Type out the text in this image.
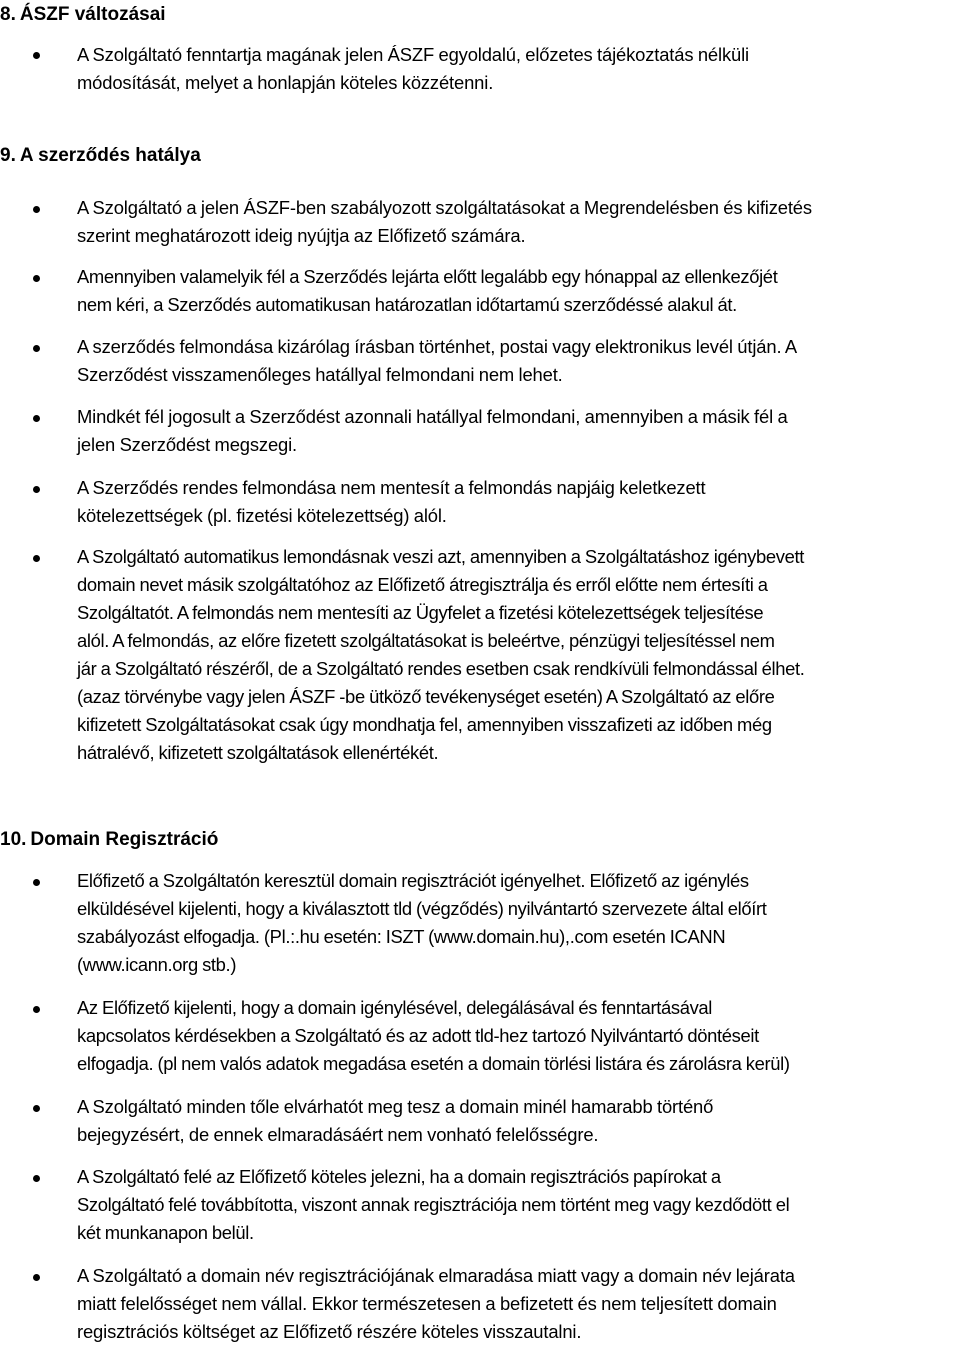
8. ÁSZF változásai
A Szolgáltató fenntartja magának jelen ÁSZF egyoldalú, előzetes tájékoztatás nélküli
módosítását, melyet a honlapján köteles közzétenni.
9. A szerződés hatálya
A Szolgáltató a jelen ÁSZF-ben szabályozott szolgáltatásokat a Megrendelésben és kifizetés
szerint meghatározott ideig nyújtja az Előfizető számára.
Amennyiben valamelyik fél a Szerződés lejárta előtt legalább egy hónappal az ellenkezőjét
nem kéri, a Szerződés automatikusan határozatlan időtartamú szerződéssé alakul át.
A szerződés felmondása kizárólag írásban történhet, postai vagy elektronikus levél útján. A
Szerződést visszamenőleges hatállyal felmondani nem lehet.
Mindkét fél jogosult a Szerződést azonnali hatállyal felmondani, amennyiben a másik fél a
jelen Szerződést megszegi.
A Szerződés rendes felmondása nem mentesít a felmondás napjáig keletkezett
kötelezettségek (pl. fizetési kötelezettség) alól.
A Szolgáltató automatikus lemondásnak veszi azt, amennyiben a Szolgáltatáshoz igénybevett
domain nevet másik szolgáltatóhoz az Előfizető átregisztrálja és erről előtte nem értesíti a
Szolgáltatót. A felmondás nem mentesíti az Ügyfelet a fizetési kötelezettségek teljesítése
alól. A felmondás, az előre fizetett szolgáltatásokat is beleértve, pénzügyi teljesítéssel nem
jár a Szolgáltató részéről, de a Szolgáltató rendes esetben csak rendkívüli felmondással élhet.
(azaz törvénybe vagy jelen ÁSZF -be ütköző tevékenységet esetén) A Szolgáltató az előre
kifizetett Szolgáltatásokat csak úgy mondhatja fel, amennyiben visszafizeti az időben még
hátralévő, kifizetett szolgáltatások ellenértékét.
10. Domain Regisztráció
Előfizető a Szolgáltatón keresztül domain regisztrációt igényelhet. Előfizető az igénylés
elküldésével kijelenti, hogy a kiválasztott tld (végződés) nyilvántartó szervezete által előírt
szabályozást elfogadja. (Pl.:.hu esetén: ISZT (www.domain.hu),.com esetén ICANN
(www.icann.org stb.)
Az Előfizető kijelenti, hogy a domain igénylésével, delegálásával és fenntartásával
kapcsolatos kérdésekben a Szolgáltató és az adott tld-hez tartozó Nyilvántartó döntéseit
elfogadja. (pl nem valós adatok megadása esetén a domain törlési listára és zárolásra kerül)
A Szolgáltató minden tőle elvárhatót meg tesz a domain minél hamarabb történő
bejegyzésért, de ennek elmaradásáért nem vonható felelősségre.
A Szolgáltató felé az Előfizető köteles jelezni, ha a domain regisztrációs papírokat a
Szolgáltató felé továbbította, viszont annak regisztrációja nem történt meg vagy kezdődött el
két munkanapon belül.
A Szolgáltató a domain név regisztrációjának elmaradása miatt vagy a domain név lejárata
miatt felelősséget nem vállal. Ekkor természetesen a befizetett és nem teljesített domain
regisztrációs költséget az Előfizető részére köteles visszautalni.
